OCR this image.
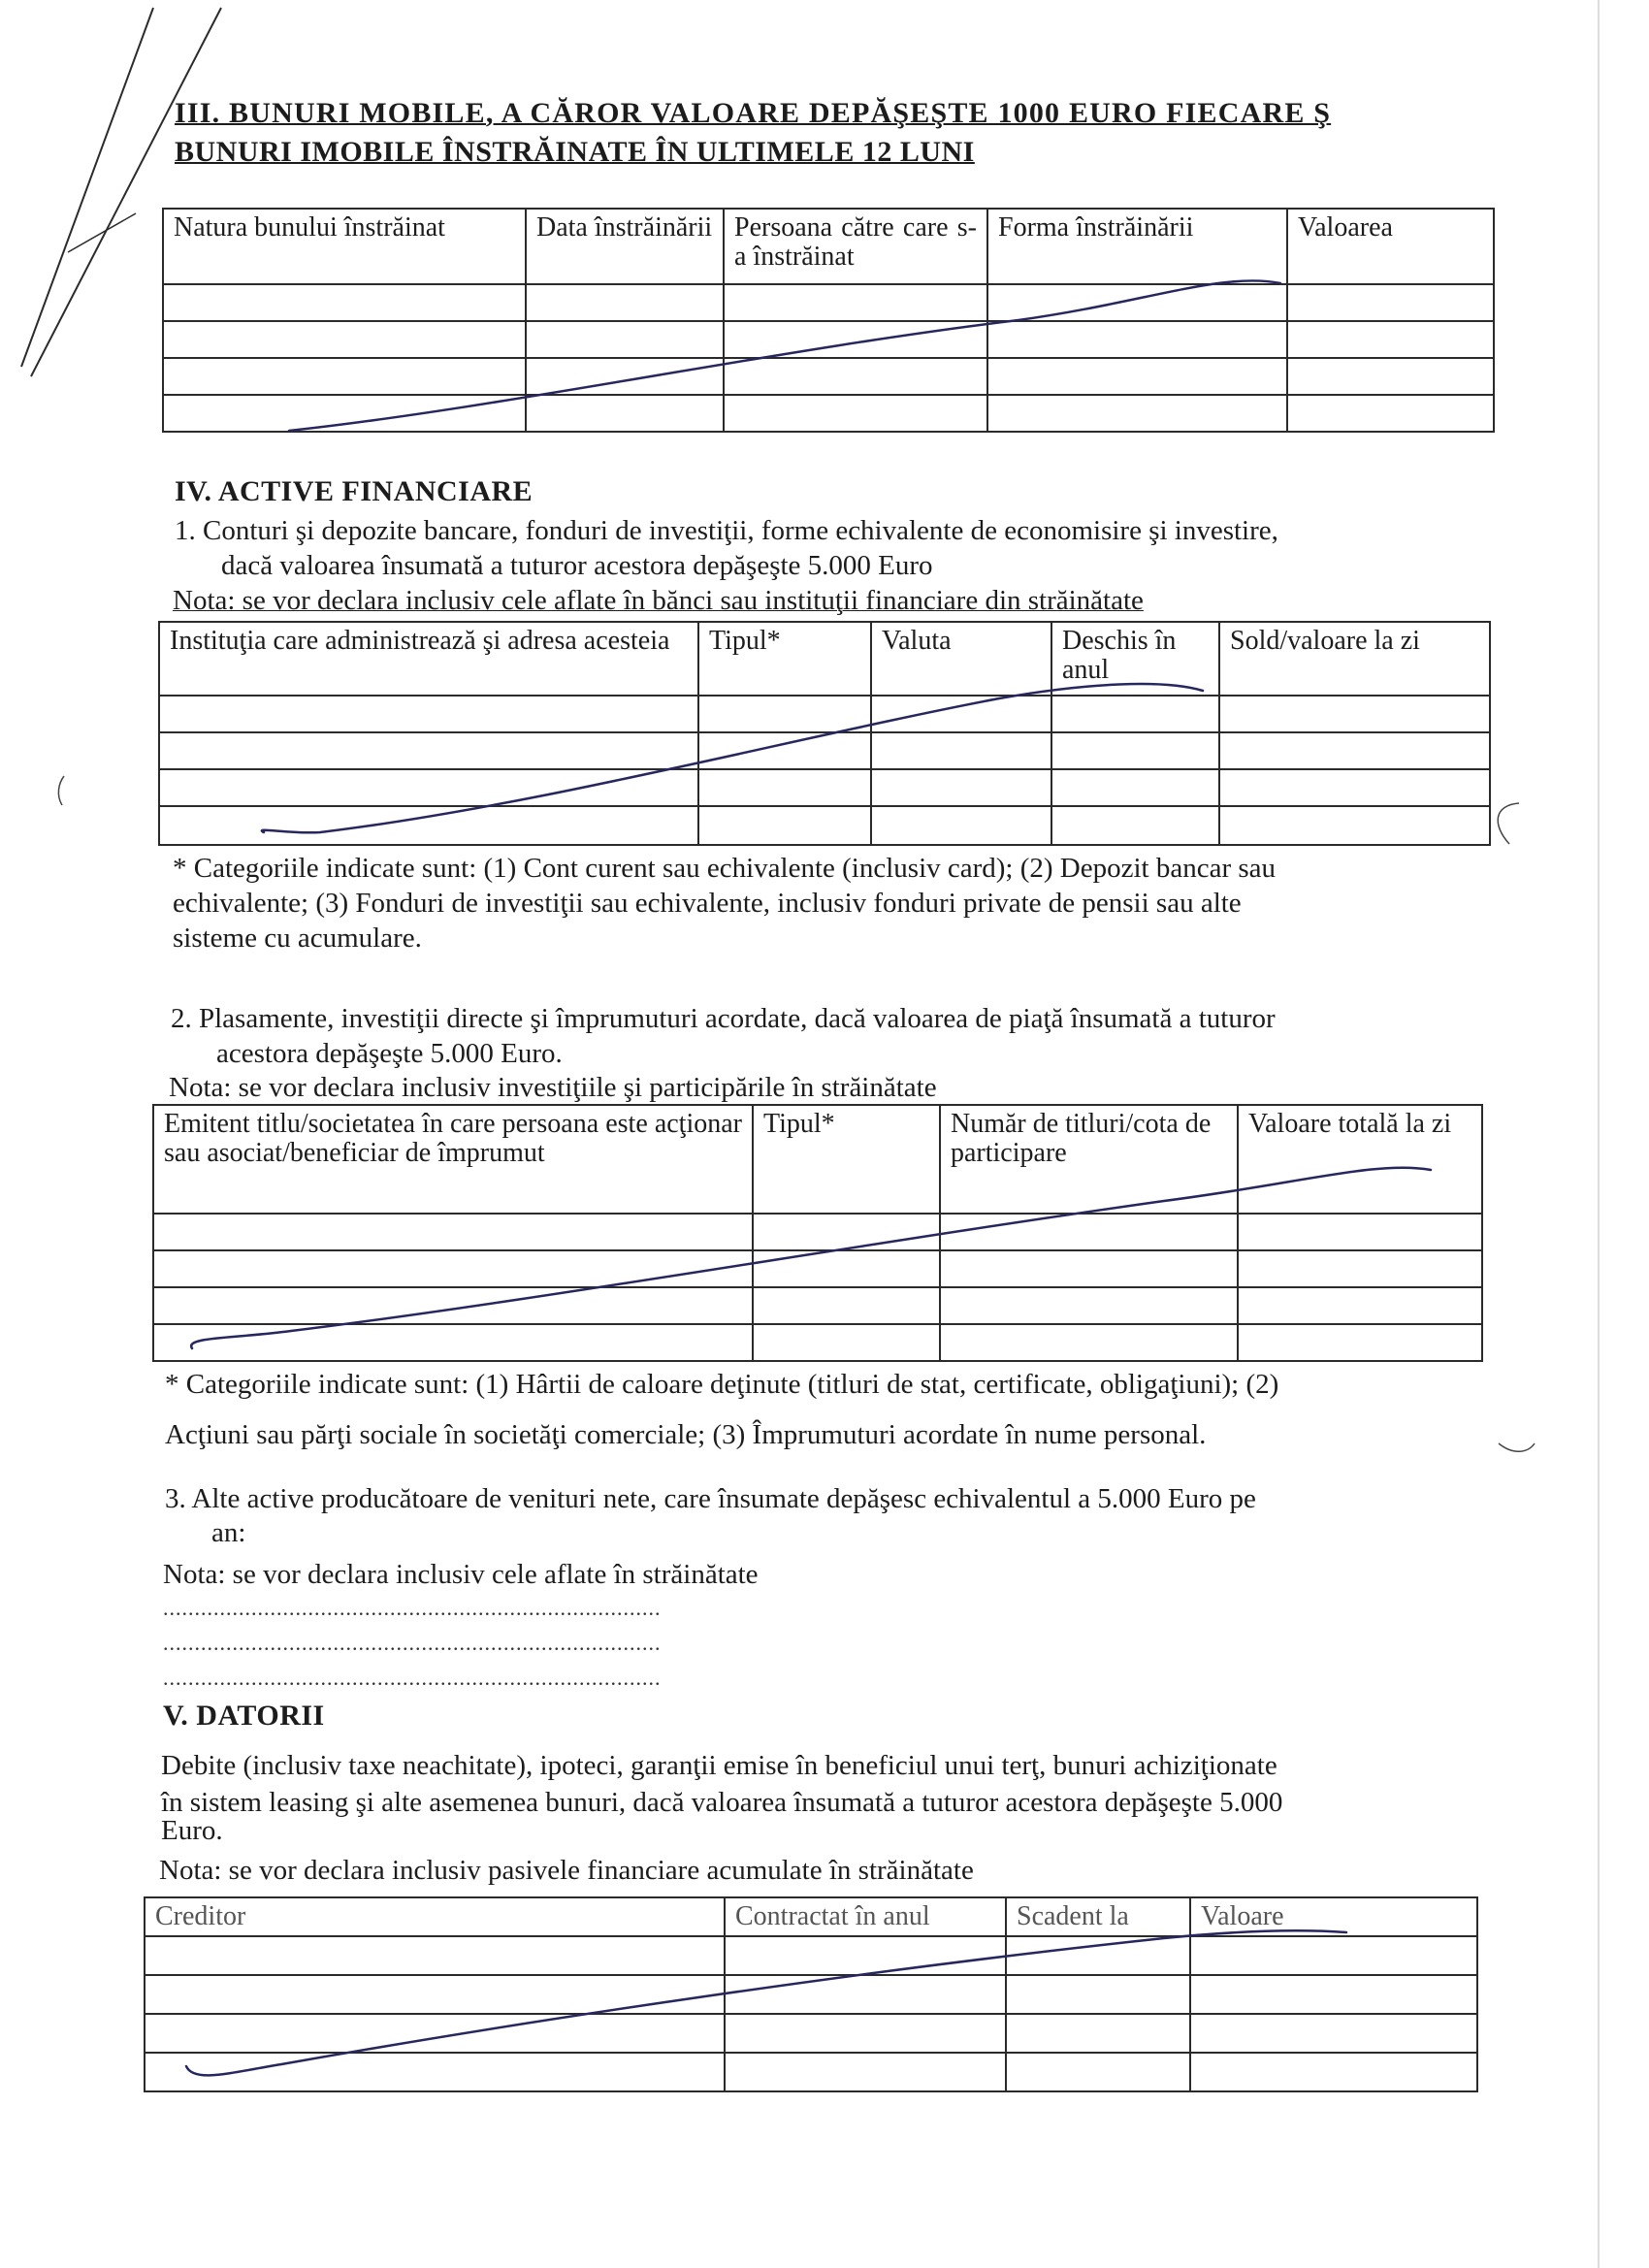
III. BUNURI MOBILE, A CĂROR VALOARE DEPĂŞEŞTE 1000 EURO FIECARE Ş
BUNURI IMOBILE ÎNSTRĂINATE ÎN ULTIMELE 12 LUNI
Natura bunului înstrăinat	Data înstrăinării	Persoana către care s-a înstrăinat	Forma înstrăinării	Valoarea

IV. ACTIVE FINANCIARE
1. Conturi şi depozite bancare, fonduri de investiţii, forme echivalente de economisire şi investire,
dacă valoarea însumată a tuturor acestora depăşeşte 5.000 Euro
Nota: se vor declara inclusiv cele aflate în bănci sau instituţii financiare din străinătate
Instituţia care administrează şi adresa acesteia	Tipul*	Valuta	Deschis în anul	Sold/valoare la zi

* Categoriile indicate sunt: (1) Cont curent sau echivalente (inclusiv card); (2) Depozit bancar sau
echivalente; (3) Fonduri de investiţii sau echivalente, inclusiv fonduri private de pensii sau alte
sisteme cu acumulare.
2. Plasamente, investiţii directe şi împrumuturi acordate, dacă valoarea de piaţă însumată a tuturor
acestora depăşeşte 5.000 Euro.
Nota: se vor declara inclusiv investiţiile şi participările în străinătate
Emitent titlu/societatea în care persoana este acţionar sau asociat/beneficiar de împrumut	Tipul*	Număr de titluri/cota de participare	Valoare totală la zi

* Categoriile indicate sunt: (1) Hârtii de caloare deţinute (titluri de stat, certificate, obligaţiuni); (2)
Acţiuni sau părţi sociale în societăţi comerciale; (3) Împrumuturi acordate în nume personal.
3. Alte active producătoare de venituri nete, care însumate depăşesc echivalentul a 5.000 Euro pe
an:
Nota: se vor declara inclusiv cele aflate în străinătate
...............................................................................
...............................................................................
...............................................................................
V. DATORII
Debite (inclusiv taxe neachitate), ipoteci, garanţii emise în beneficiul unui terţ, bunuri achiziţionate
în sistem leasing şi alte asemenea bunuri, dacă valoarea însumată a tuturor acestora depăşeşte 5.000
Euro.
Nota: se vor declara inclusiv pasivele financiare acumulate în străinătate
Creditor	Contractat în anul	Scadent la	Valoare
